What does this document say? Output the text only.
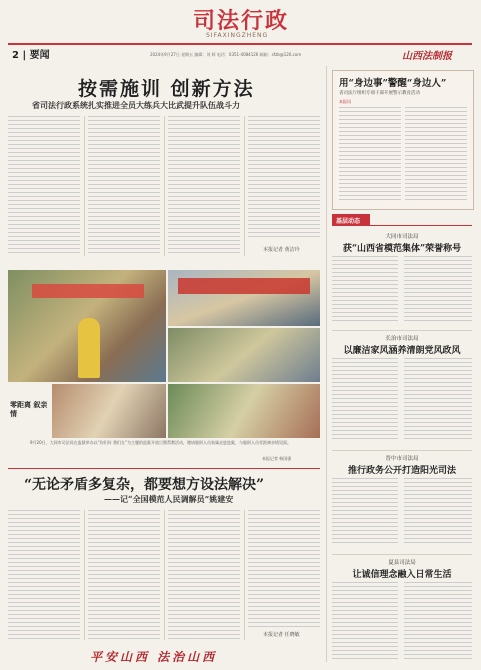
司法行政
SIFAXINGZHENG
2 | 要闻	2024年9月27日 星期五 编辑：刘 辉 电话：0351-4084126 邮箱：sfzb@126.com	山西法制报
按需施训 创新方法
省司法行政系统扎实推进全员大练兵大比武提升队伍战斗力
本报记者 黄洁玲
零距离 叙亲情
9月20日，大同市司法局在监狱举办以“你们好 我们在”为主题的监狱开放日暨帮教活动，邀请服刑人员家属走进监狱，与服刑人员零距离亲情见面。
本报记者 韩国强
“无论矛盾多复杂，都要想方设法解决”
——记“全国模范人民调解员”姚建安
本报记者 任晓敏
平安山西 法治山西
用“身边事”警醒“身边人”
省司法厅组织专项干部开展警示教育活动
本报讯
基层动态
大同市司法局
获“山西省模范集体”荣誉称号
长治市司法局
以廉洁家风涵养清朗党风政风
晋中市司法局
推行政务公开打造阳光司法
夏县司法局
让诚信理念融入日常生活
